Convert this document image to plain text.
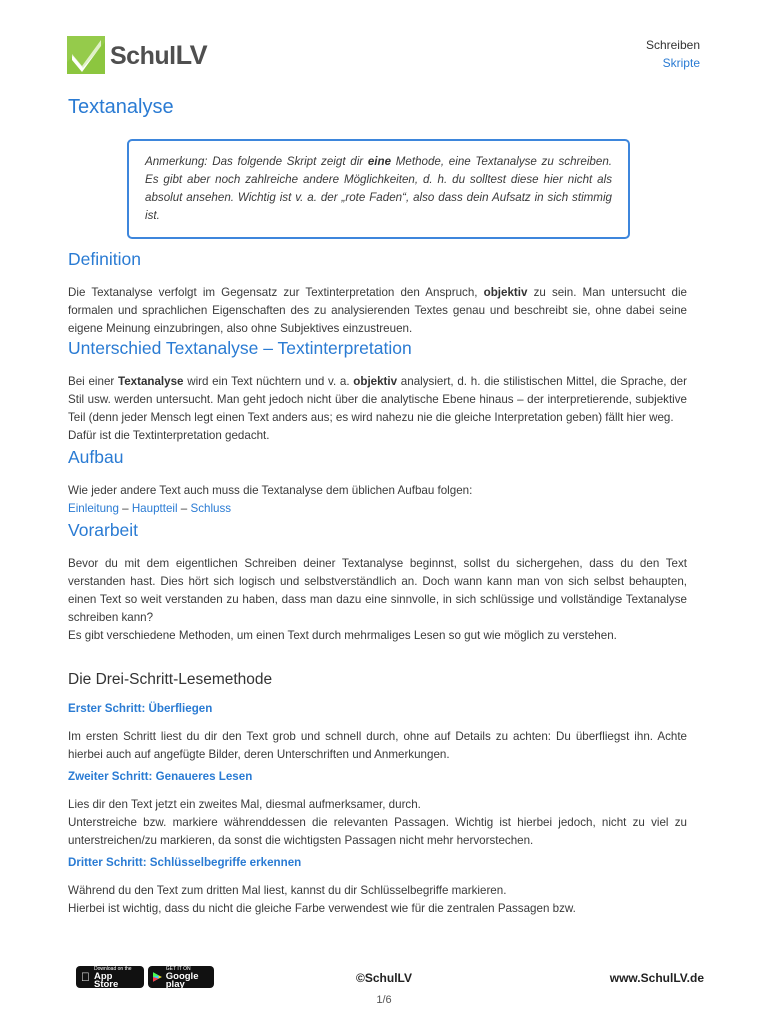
SchulLV	Schreiben
Skripte
Textanalyse
Anmerkung: Das folgende Skript zeigt dir eine Methode, eine Textanalyse zu schreiben. Es gibt aber noch zahlreiche andere Möglichkeiten, d. h. du solltest diese hier nicht als absolut ansehen. Wichtig ist v. a. der „rote Faden“, also dass dein Aufsatz in sich stimmig ist.
Definition

Die Textanalyse verfolgt im Gegensatz zur Textinterpretation den Anspruch, objektiv zu sein. Man untersucht die formalen und sprachlichen Eigenschaften des zu analysierenden Textes genau und beschreibt sie, ohne dabei seine eigene Meinung einzubringen, also ohne Subjektives einzustreuen.

Unterschied Textanalyse – Textinterpretation

Bei einer Textanalyse wird ein Text nüchtern und v. a. objektiv analysiert, d. h. die stilistischen Mittel, die Sprache, der Stil usw. werden untersucht. Man geht jedoch nicht über die analytische Ebene hinaus – der interpretierende, subjektive Teil (denn jeder Mensch legt einen Text anders aus; es wird nahezu nie die gleiche Interpretation geben) fällt hier weg.

Dafür ist die Textinterpretation gedacht.

Aufbau

Wie jeder andere Text auch muss die Textanalyse dem üblichen Aufbau folgen:

Einleitung – Hauptteil – Schluss

Vorarbeit

Bevor du mit dem eigentlichen Schreiben deiner Textanalyse beginnst, sollst du sichergehen, dass du den Text verstanden hast. Dies hört sich logisch und selbstverständlich an. Doch wann kann man von sich selbst behaupten, einen Text so weit verstanden zu haben, dass man dazu eine sinnvolle, in sich schlüssige und vollständige Textanalyse schreiben kann?

Es gibt verschiedene Methoden, um einen Text durch mehrmaliges Lesen so gut wie möglich zu verstehen.

Die Drei-Schritt-Lesemethode
Erster Schritt: Überfliegen

Im ersten Schritt liest du dir den Text grob und schnell durch, ohne auf Details zu achten: Du überfliegst ihn. Achte hierbei auch auf angefügte Bilder, deren Unterschriften und Anmerkungen.

Zweiter Schritt: Genaueres Lesen

Lies dir den Text jetzt ein zweites Mal, diesmal aufmerksamer, durch.

Unterstreiche bzw. markiere währenddessen die relevanten Passagen. Wichtig ist hierbei jedoch, nicht zu viel zu unterstreichen/zu markieren, da sonst die wichtigsten Passagen nicht mehr hervorstechen.

Dritter Schritt: Schlüsselbegriffe erkennen

Während du den Text zum dritten Mal liest, kannst du dir Schlüsselbegriffe markieren.

Hierbei ist wichtig, dass du nicht die gleiche Farbe verwendest wie für die zentralen Passagen bzw.

Download on the
App Store
GET IT ON
Google play	©SchulLV	www.SchulLV.de
1/6
